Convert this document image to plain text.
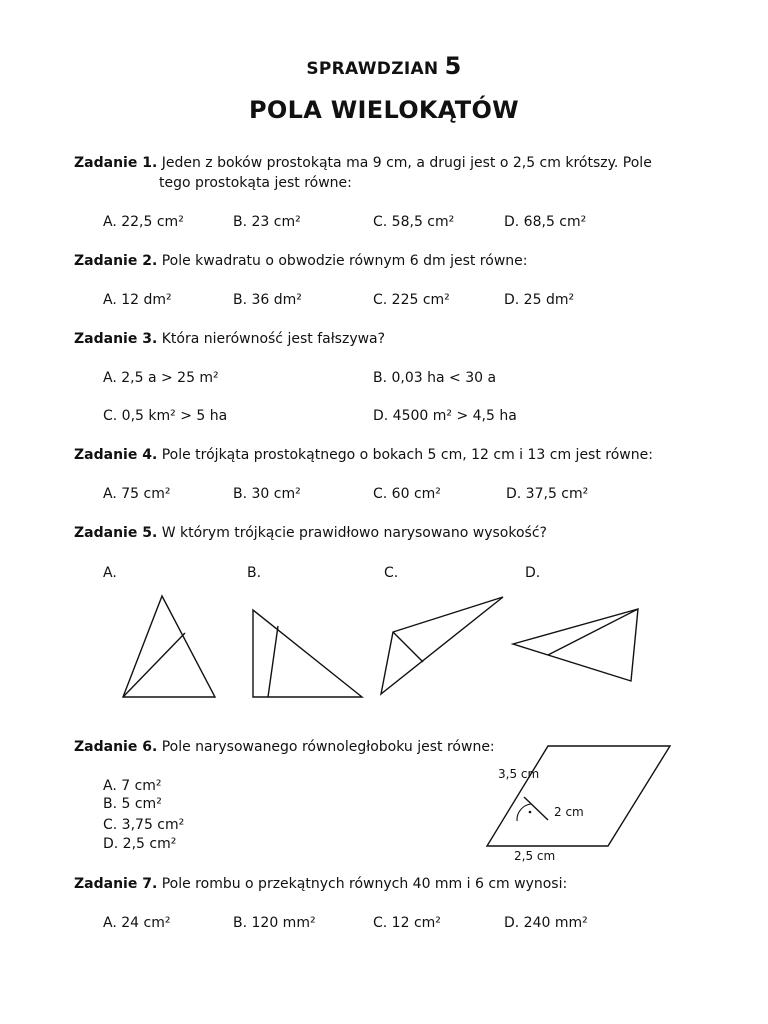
SPRAWDZIAN 5
POLA WIELOKĄTÓW
Zadanie 1. Jeden z boków prostokąta ma 9 cm, a drugi jest o 2,5 cm krótszy. Pole
tego prostokąta jest równe:
A. 22,5 cm²	B. 23 cm²	C. 58,5 cm²	D. 68,5 cm²
Zadanie 2. Pole kwadratu o obwodzie równym 6 dm jest równe:
A. 12 dm²	B. 36 dm²	C. 225 cm²	D. 25 dm²
Zadanie 3. Która nierówność jest fałszywa?
A. 2,5 a > 25 m²	B. 0,03 ha < 30 a
C. 0,5 km² > 5 ha	D. 4500 m² > 4,5 ha
Zadanie 4. Pole trójkąta prostokątnego o bokach 5 cm, 12 cm i 13 cm jest równe:
A. 75 cm²	B. 30 cm²	C. 60 cm²	D. 37,5 cm²
Zadanie 5. W którym trójkącie prawidłowo narysowano wysokość?
A.	B.	C.	D.
Zadanie 6. Pole narysowanego równoległoboku jest równe:
A. 7 cm²
B. 5 cm²
C. 3,75 cm²
D. 2,5 cm²
3,5 cm
2 cm
2,5 cm
Zadanie 7. Pole rombu o przekątnych równych 40 mm i 6 cm wynosi:
A. 24 cm²	B. 120 mm²	C. 12 cm²	D. 240 mm²
